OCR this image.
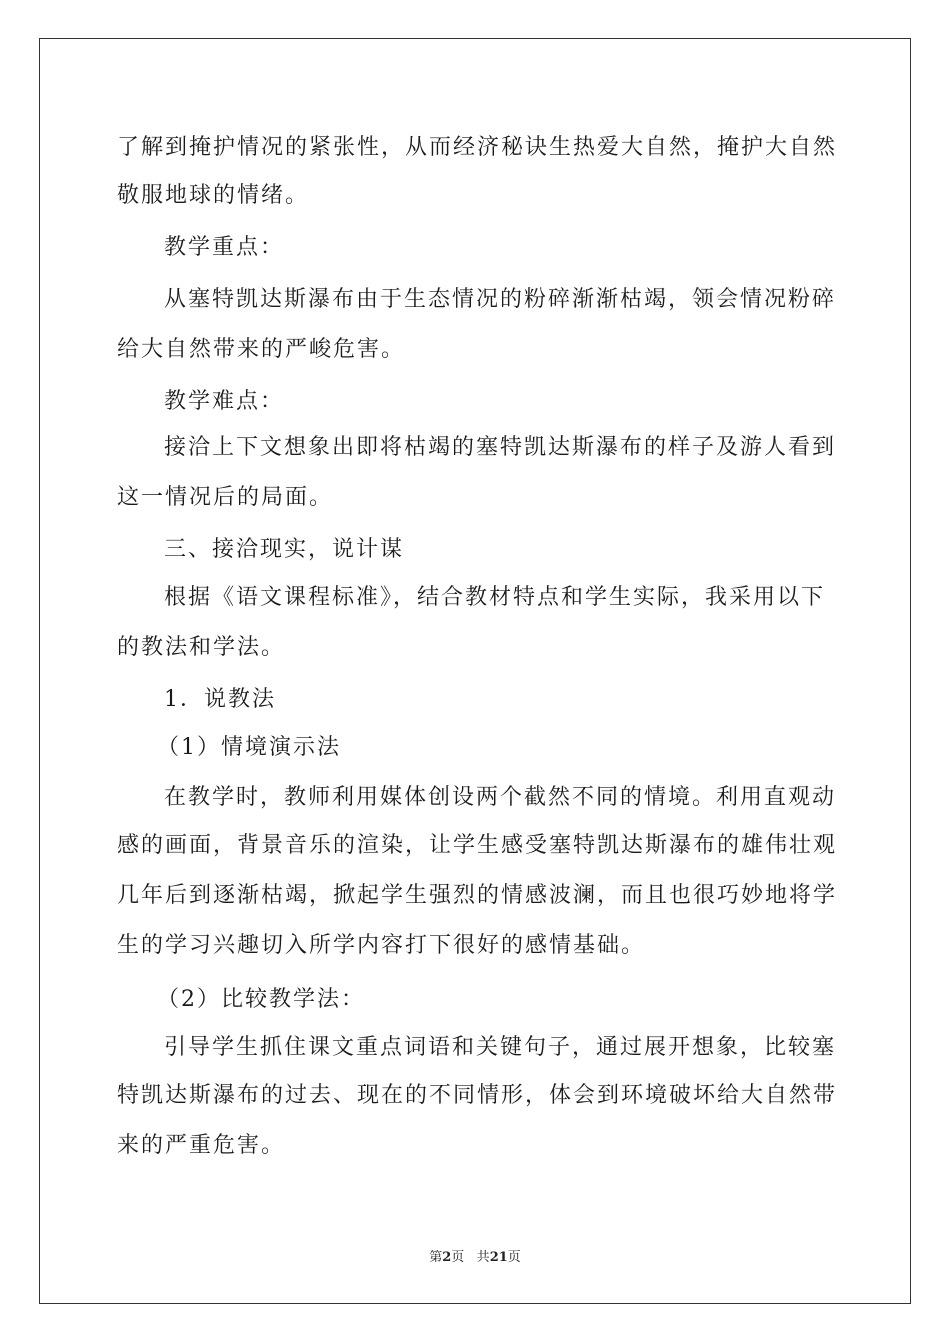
了解到掩护情况的紧张性，从而经济秘诀生热爱大自然，掩护大自然
敬服地球的情绪。
教学重点：
从塞特凯达斯瀑布由于生态情况的粉碎渐渐枯竭，领会情况粉碎
给大自然带来的严峻危害。
教学难点：
接洽上下文想象出即将枯竭的塞特凯达斯瀑布的样子及游人看到
这一情况后的局面。
三、接洽现实，说计谋
根据《语文课程标准》，结合教材特点和学生实际，我采用以下
的教法和学法。
1．说教法
（1）情境演示法
在教学时，教师利用媒体创设两个截然不同的情境。利用直观动
感的画面，背景音乐的渲染，让学生感受塞特凯达斯瀑布的雄伟壮观
几年后到逐渐枯竭，掀起学生强烈的情感波澜，而且也很巧妙地将学
生的学习兴趣切入所学内容打下很好的感情基础。
（2）比较教学法：
引导学生抓住课文重点词语和关键句子，通过展开想象，比较塞
特凯达斯瀑布的过去、现在的不同情形，体会到环境破坏给大自然带
来的严重危害。
第2页 共21页
